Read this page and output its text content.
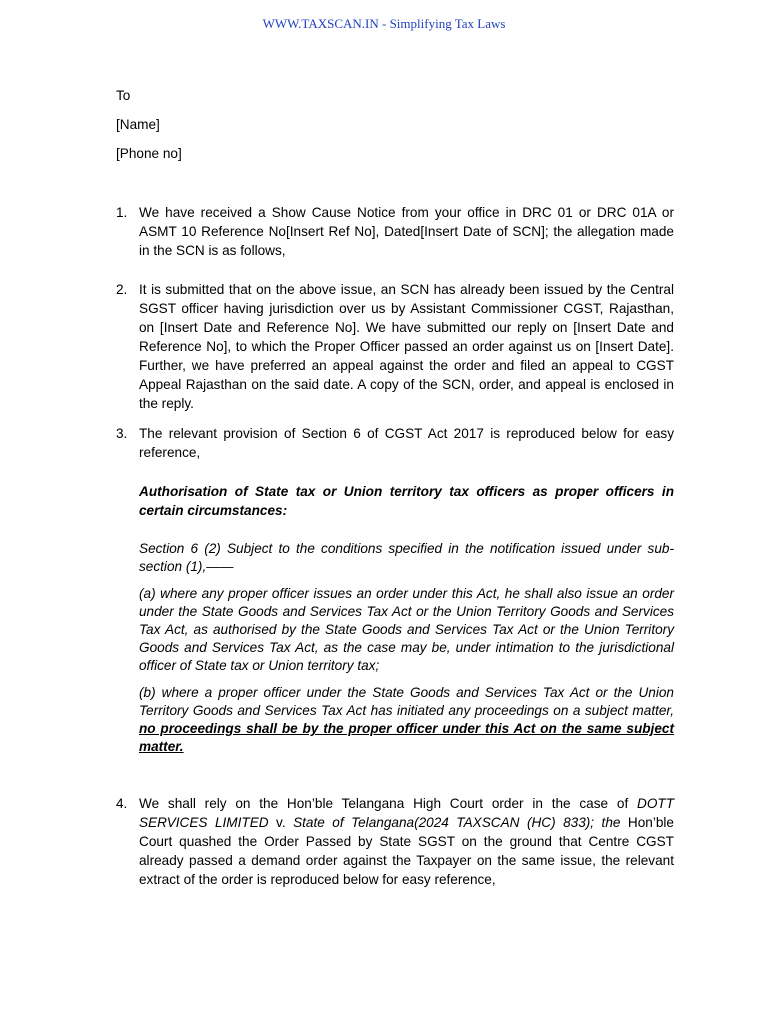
WWW.TAXSCAN.IN - Simplifying Tax Laws
To
[Name]
[Phone no]
1. We have received a Show Cause Notice from your office in DRC 01 or DRC 01A or ASMT 10 Reference No[Insert Ref No], Dated[Insert Date of SCN]; the allegation made in the SCN is as follows,
2. It is submitted that on the above issue, an SCN has already been issued by the Central SGST officer having jurisdiction over us by Assistant Commissioner CGST, Rajasthan, on [Insert Date and Reference No]. We have submitted our reply on [Insert Date and Reference No], to which the Proper Officer passed an order against us on [Insert Date]. Further, we have preferred an appeal against the order and filed an appeal to CGST Appeal Rajasthan on the said date. A copy of the SCN, order, and appeal is enclosed in the reply.
3. The relevant provision of Section 6 of CGST Act 2017 is reproduced below for easy reference,
Authorisation of State tax or Union territory tax officers as proper officers in certain circumstances:
Section 6 (2) Subject to the conditions specified in the notification issued under sub-section (1),——
(a) where any proper officer issues an order under this Act, he shall also issue an order under the State Goods and Services Tax Act or the Union Territory Goods and Services Tax Act, as authorised by the State Goods and Services Tax Act or the Union Territory Goods and Services Tax Act, as the case may be, under intimation to the jurisdictional officer of State tax or Union territory tax;
(b) where a proper officer under the State Goods and Services Tax Act or the Union Territory Goods and Services Tax Act has initiated any proceedings on a subject matter, no proceedings shall be by the proper officer under this Act on the same subject matter.
4. We shall rely on the Hon’ble Telangana High Court order in the case of DOTT SERVICES LIMITED v. State of Telangana(2024 TAXSCAN (HC) 833); the Hon’ble Court quashed the Order Passed by State SGST on the ground that Centre CGST already passed a demand order against the Taxpayer on the same issue, the relevant extract of the order is reproduced below for easy reference,
